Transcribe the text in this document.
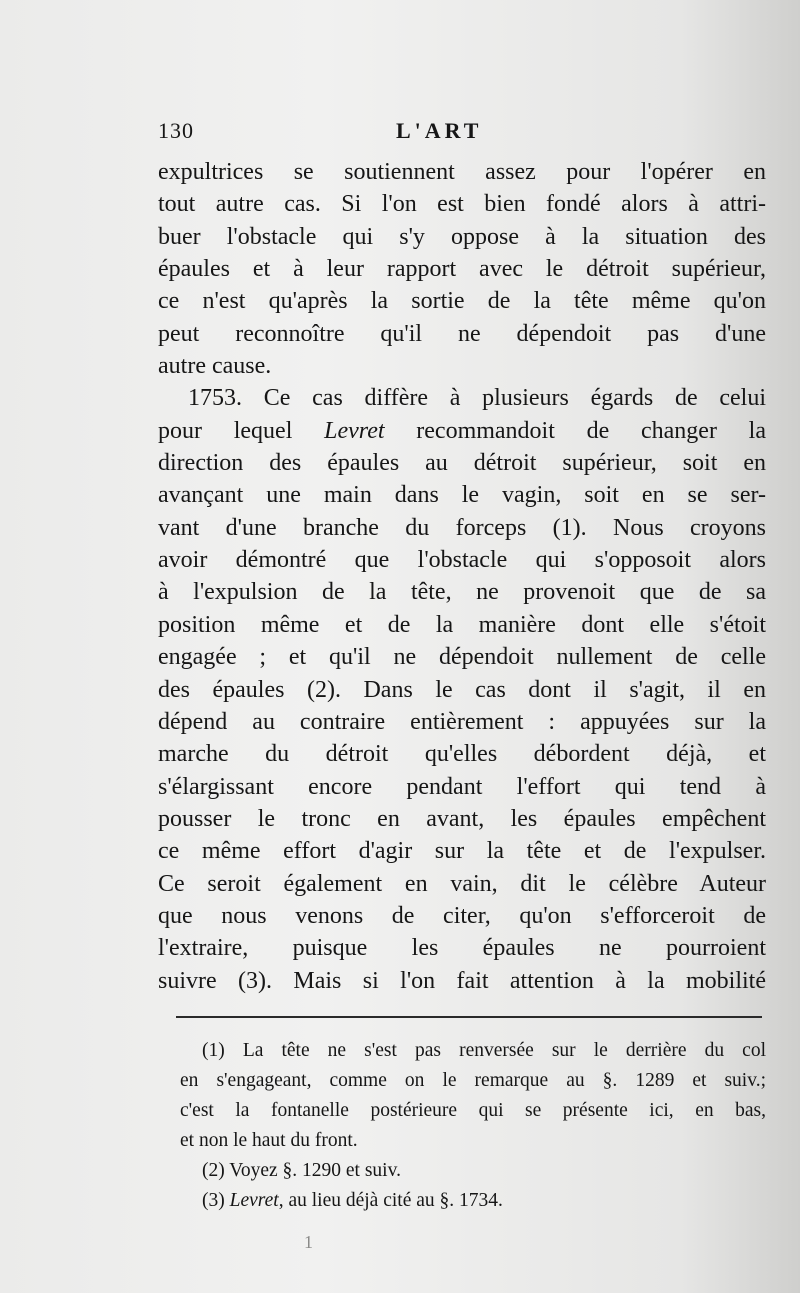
130	L'ART
expultrices se soutiennent assez pour l'opérer en
tout autre cas. Si l'on est bien fondé alors à attri-
buer l'obstacle qui s'y oppose à la situation des
épaules et à leur rapport avec le détroit supérieur,
ce n'est qu'après la sortie de la tête même qu'on
peut reconnoître qu'il ne dépendoit pas d'une
autre cause.
1753. Ce cas diffère à plusieurs égards de celui
pour lequel Levret recommandoit de changer la
direction des épaules au détroit supérieur, soit en
avançant une main dans le vagin, soit en se ser-
vant d'une branche du forceps (1). Nous croyons
avoir démontré que l'obstacle qui s'opposoit alors
à l'expulsion de la tête, ne provenoit que de sa
position même et de la manière dont elle s'étoit
engagée ; et qu'il ne dépendoit nullement de celle
des épaules (2). Dans le cas dont il s'agit, il en
dépend au contraire entièrement : appuyées sur la
marche du détroit qu'elles débordent déjà, et
s'élargissant encore pendant l'effort qui tend à
pousser le tronc en avant, les épaules empêchent
ce même effort d'agir sur la tête et de l'expulser.
Ce seroit également en vain, dit le célèbre Auteur
que nous venons de citer, qu'on s'efforceroit de
l'extraire, puisque les épaules ne pourroient
suivre (3). Mais si l'on fait attention à la mobilité
(1) La tête ne s'est pas renversée sur le derrière du col
en s'engageant, comme on le remarque au §. 1289 et suiv.;
c'est la fontanelle postérieure qui se présente ici, en bas,
et non le haut du front.
(2) Voyez §. 1290 et suiv.
(3) Levret, au lieu déjà cité au §. 1734.
1
